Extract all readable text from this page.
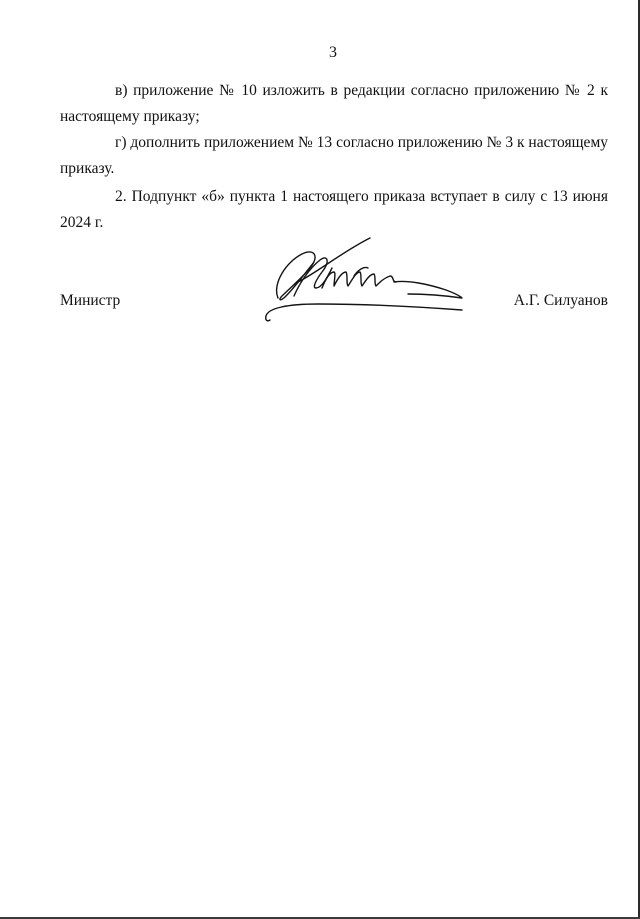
3
в) приложение № 10 изложить в редакции согласно приложению № 2 к настоящему приказу;
г) дополнить приложением № 13 согласно приложению № 3 к настоящему приказу.
2. Подпункт «б» пункта 1 настоящего приказа вступает в силу с 13 июня 2024 г.
Министр	А.Г. Силуанов
